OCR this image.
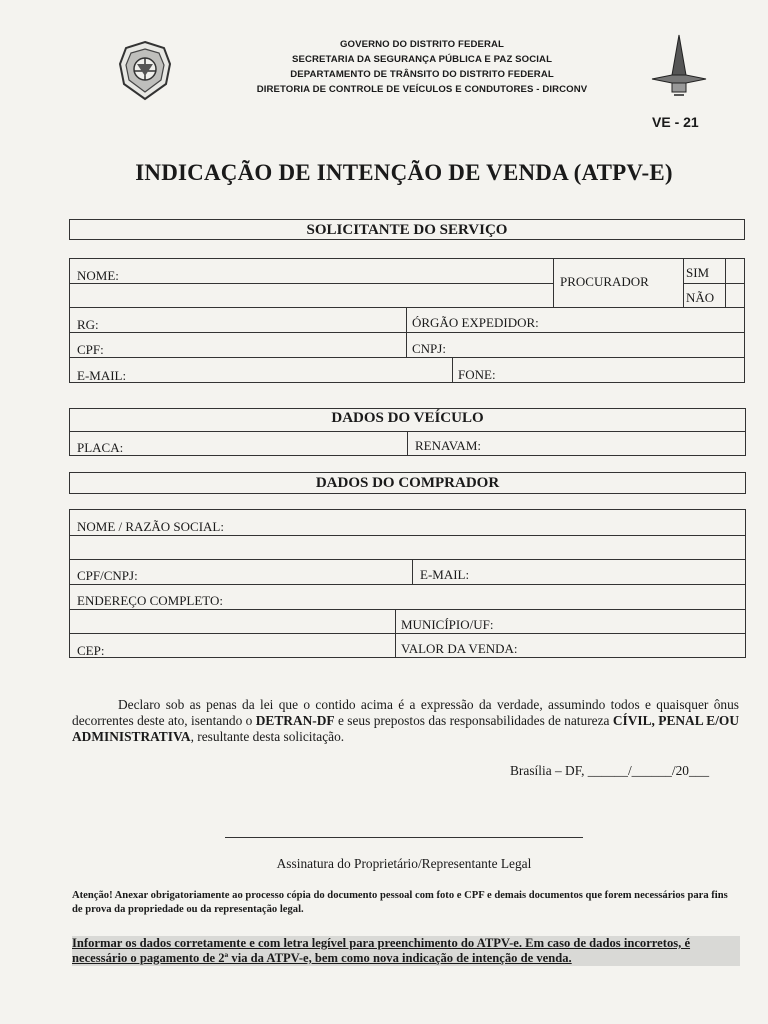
GOVERNO DO DISTRITO FEDERAL
SECRETARIA DA SEGURANÇA PÚBLICA E PAZ SOCIAL
DEPARTAMENTO DE TRÂNSITO DO DISTRITO FEDERAL
DIRETORIA DE CONTROLE DE VEÍCULOS E CONDUTORES - DIRCONV
VE - 21
INDICAÇÃO DE INTENÇÃO DE VENDA (ATPV-E)
SOLICITANTE DO SERVIÇO
NOME:	PROCURADOR
SIM
NÃO
RG:	ÓRGÃO EXPEDIDOR:
CPF:	CNPJ:
E-MAIL:	FONE:
DADOS DO VEÍCULO
PLACA:	RENAVAM:
DADOS DO COMPRADOR
NOME / RAZÃO SOCIAL:
CPF/CNPJ:	E-MAIL:
ENDEREÇO COMPLETO:
MUNICÍPIO/UF:
CEP:	VALOR DA VENDA:
Declaro sob as penas da lei que o contido acima é a expressão da verdade, assumindo todos e quaisquer ônus decorrentes deste ato, isentando o DETRAN-DF e seus prepostos das responsabilidades de natureza CÍVIL, PENAL E/OU ADMINISTRATIVA, resultante desta solicitação.
Brasília – DF, ______/______/20___
Assinatura do Proprietário/Representante Legal
Atenção! Anexar obrigatoriamente ao processo cópia do documento pessoal com foto e CPF e demais documentos que forem necessários para fins de prova da propriedade ou da representação legal.
Informar os dados corretamente e com letra legível para preenchimento do ATPV-e. Em caso de dados incorretos, é necessário o pagamento de 2ª via da ATPV-e, bem como nova indicação de intenção de venda.
